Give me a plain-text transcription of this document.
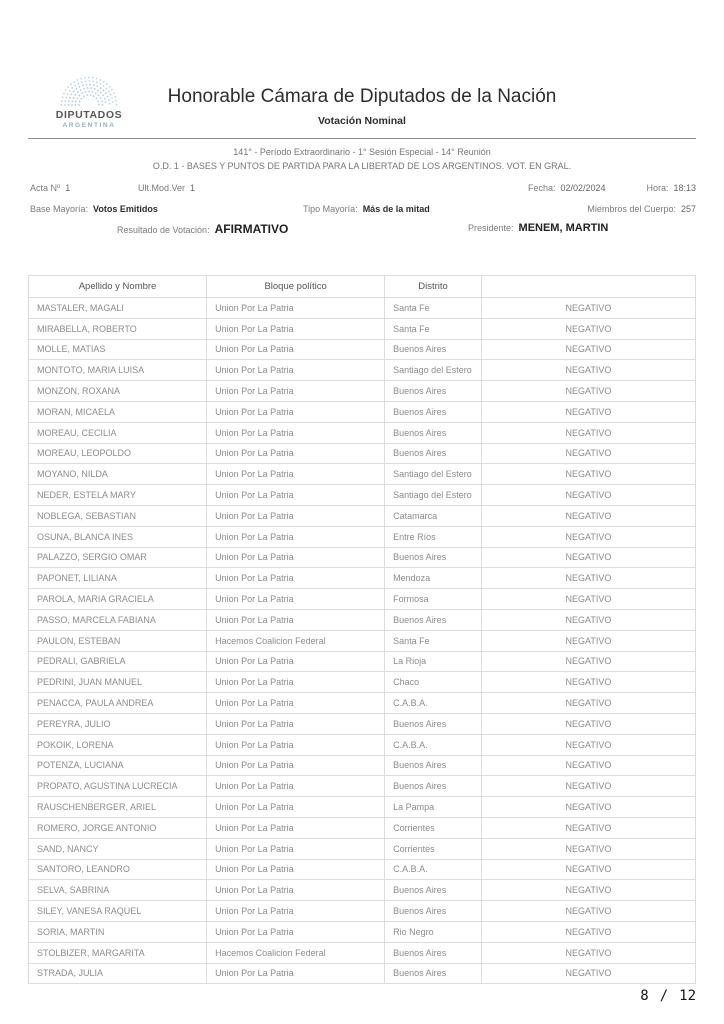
DIPUTADOS
ARGENTINA
Honorable Cámara de Diputados de la Nación
Votación Nominal
141° - Período Extraordinario - 1° Sesión Especial - 14° Reunión
O.D. 1 - BASES Y PUNTOS DE PARTIDA PARA LA LIBERTAD DE LOS ARGENTINOS. VOT. EN GRAL.
Acta Nº 1	Ult.Mod.Ver 1	Fecha: 02/02/2024	Hora: 18:13
Base Mayoría: Votos Emitidos	Tipo Mayoría: Más de la mitad	Miembros del Cuerpo: 257
Resultado de Votación: AFIRMATIVO	Presidente: MENEM, MARTIN
Apellido y Nombre	Bloque político	Distrito	
MASTALER, MAGALI	Union Por La Patria	Santa Fe	NEGATIVO
MIRABELLA, ROBERTO	Union Por La Patria	Santa Fe	NEGATIVO
MOLLE, MATIAS	Union Por La Patria	Buenos Aires	NEGATIVO
MONTOTO, MARIA LUISA	Union Por La Patria	Santiago del Estero	NEGATIVO
MONZON, ROXANA	Union Por La Patria	Buenos Aires	NEGATIVO
MORAN, MICAELA	Union Por La Patria	Buenos Aires	NEGATIVO
MOREAU, CECILIA	Union Por La Patria	Buenos Aires	NEGATIVO
MOREAU, LEOPOLDO	Union Por La Patria	Buenos Aires	NEGATIVO
MOYANO, NILDA	Union Por La Patria	Santiago del Estero	NEGATIVO
NEDER, ESTELA MARY	Union Por La Patria	Santiago del Estero	NEGATIVO
NOBLEGA, SEBASTIAN	Union Por La Patria	Catamarca	NEGATIVO
OSUNA, BLANCA INES	Union Por La Patria	Entre Ríos	NEGATIVO
PALAZZO, SERGIO OMAR	Union Por La Patria	Buenos Aires	NEGATIVO
PAPONET, LILIANA	Union Por La Patria	Mendoza	NEGATIVO
PAROLA, MARIA GRACIELA	Union Por La Patria	Formosa	NEGATIVO
PASSO, MARCELA FABIANA	Union Por La Patria	Buenos Aires	NEGATIVO
PAULON, ESTEBAN	Hacemos Coalicion Federal	Santa Fe	NEGATIVO
PEDRALI, GABRIELA	Union Por La Patria	La Rioja	NEGATIVO
PEDRINI, JUAN MANUEL	Union Por La Patria	Chaco	NEGATIVO
PENACCA, PAULA ANDREA	Union Por La Patria	C.A.B.A.	NEGATIVO
PEREYRA, JULIO	Union Por La Patria	Buenos Aires	NEGATIVO
POKOIK, LORENA	Union Por La Patria	C.A.B.A.	NEGATIVO
POTENZA, LUCIANA	Union Por La Patria	Buenos Aires	NEGATIVO
PROPATO, AGUSTINA LUCRECIA	Union Por La Patria	Buenos Aires	NEGATIVO
RAUSCHENBERGER, ARIEL	Union Por La Patria	La Pampa	NEGATIVO
ROMERO, JORGE ANTONIO	Union Por La Patria	Corrientes	NEGATIVO
SAND, NANCY	Union Por La Patria	Corrientes	NEGATIVO
SANTORO, LEANDRO	Union Por La Patria	C.A.B.A.	NEGATIVO
SELVA, SABRINA	Union Por La Patria	Buenos Aires	NEGATIVO
SILEY, VANESA RAQUEL	Union Por La Patria	Buenos Aires	NEGATIVO
SORIA, MARTIN	Union Por La Patria	Rio Negro	NEGATIVO
STOLBIZER, MARGARITA	Hacemos Coalicion Federal	Buenos Aires	NEGATIVO
STRADA, JULIA	Union Por La Patria	Buenos Aires	NEGATIVO
8 / 12
